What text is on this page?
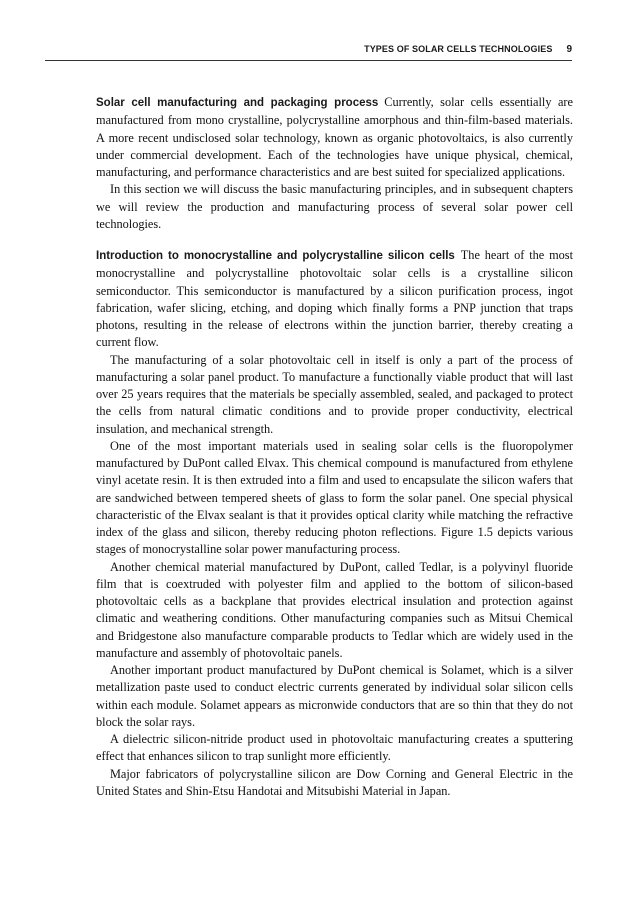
TYPES OF SOLAR CELLS TECHNOLOGIES 9

Solar cell manufacturing and packaging process Currently, solar cells essentially are manufactured from mono crystalline, polycrystalline amorphous and thin-film-based materials. A more recent undisclosed solar technology, known as organic photovoltaics, is also currently under commercial development. Each of the technologies have unique physical, chemical, manufacturing, and performance characteristics and are best suited for specialized applications.

In this section we will discuss the basic manufacturing principles, and in subsequent chapters we will review the production and manufacturing process of several solar power cell technologies.

Introduction to monocrystalline and polycrystalline silicon cells The heart of the most monocrystalline and polycrystalline photovoltaic solar cells is a crystalline silicon semiconductor. This semiconductor is manufactured by a silicon purification process, ingot fabrication, wafer slicing, etching, and doping which finally forms a PNP junction that traps photons, resulting in the release of electrons within the junction barrier, thereby creating a current flow.

The manufacturing of a solar photovoltaic cell in itself is only a part of the process of manufacturing a solar panel product. To manufacture a functionally viable product that will last over 25 years requires that the materials be specially assembled, sealed, and packaged to protect the cells from natural climatic conditions and to provide proper conductivity, electrical insulation, and mechanical strength.

One of the most important materials used in sealing solar cells is the fluoropolymer manufactured by DuPont called Elvax. This chemical compound is manufactured from ethylene vinyl acetate resin. It is then extruded into a film and used to encapsulate the silicon wafers that are sandwiched between tempered sheets of glass to form the solar panel. One special physical characteristic of the Elvax sealant is that it provides optical clarity while matching the refractive index of the glass and silicon, thereby reducing photon reflections. Figure 1.5 depicts various stages of monocrystalline solar power manufacturing process.

Another chemical material manufactured by DuPont, called Tedlar, is a polyvinyl fluoride film that is coextruded with polyester film and applied to the bottom of silicon-based photovoltaic cells as a backplane that provides electrical insulation and protection against climatic and weathering conditions. Other manufacturing companies such as Mitsui Chemical and Bridgestone also manufacture comparable products to Tedlar which are widely used in the manufacture and assembly of photovoltaic panels.

Another important product manufactured by DuPont chemical is Solamet, which is a silver metallization paste used to conduct electric currents generated by individual solar silicon cells within each module. Solamet appears as micronwide conductors that are so thin that they do not block the solar rays.

A dielectric silicon-nitride product used in photovoltaic manufacturing creates a sputtering effect that enhances silicon to trap sunlight more efficiently.

Major fabricators of polycrystalline silicon are Dow Corning and General Electric in the United States and Shin-Etsu Handotai and Mitsubishi Material in Japan.
